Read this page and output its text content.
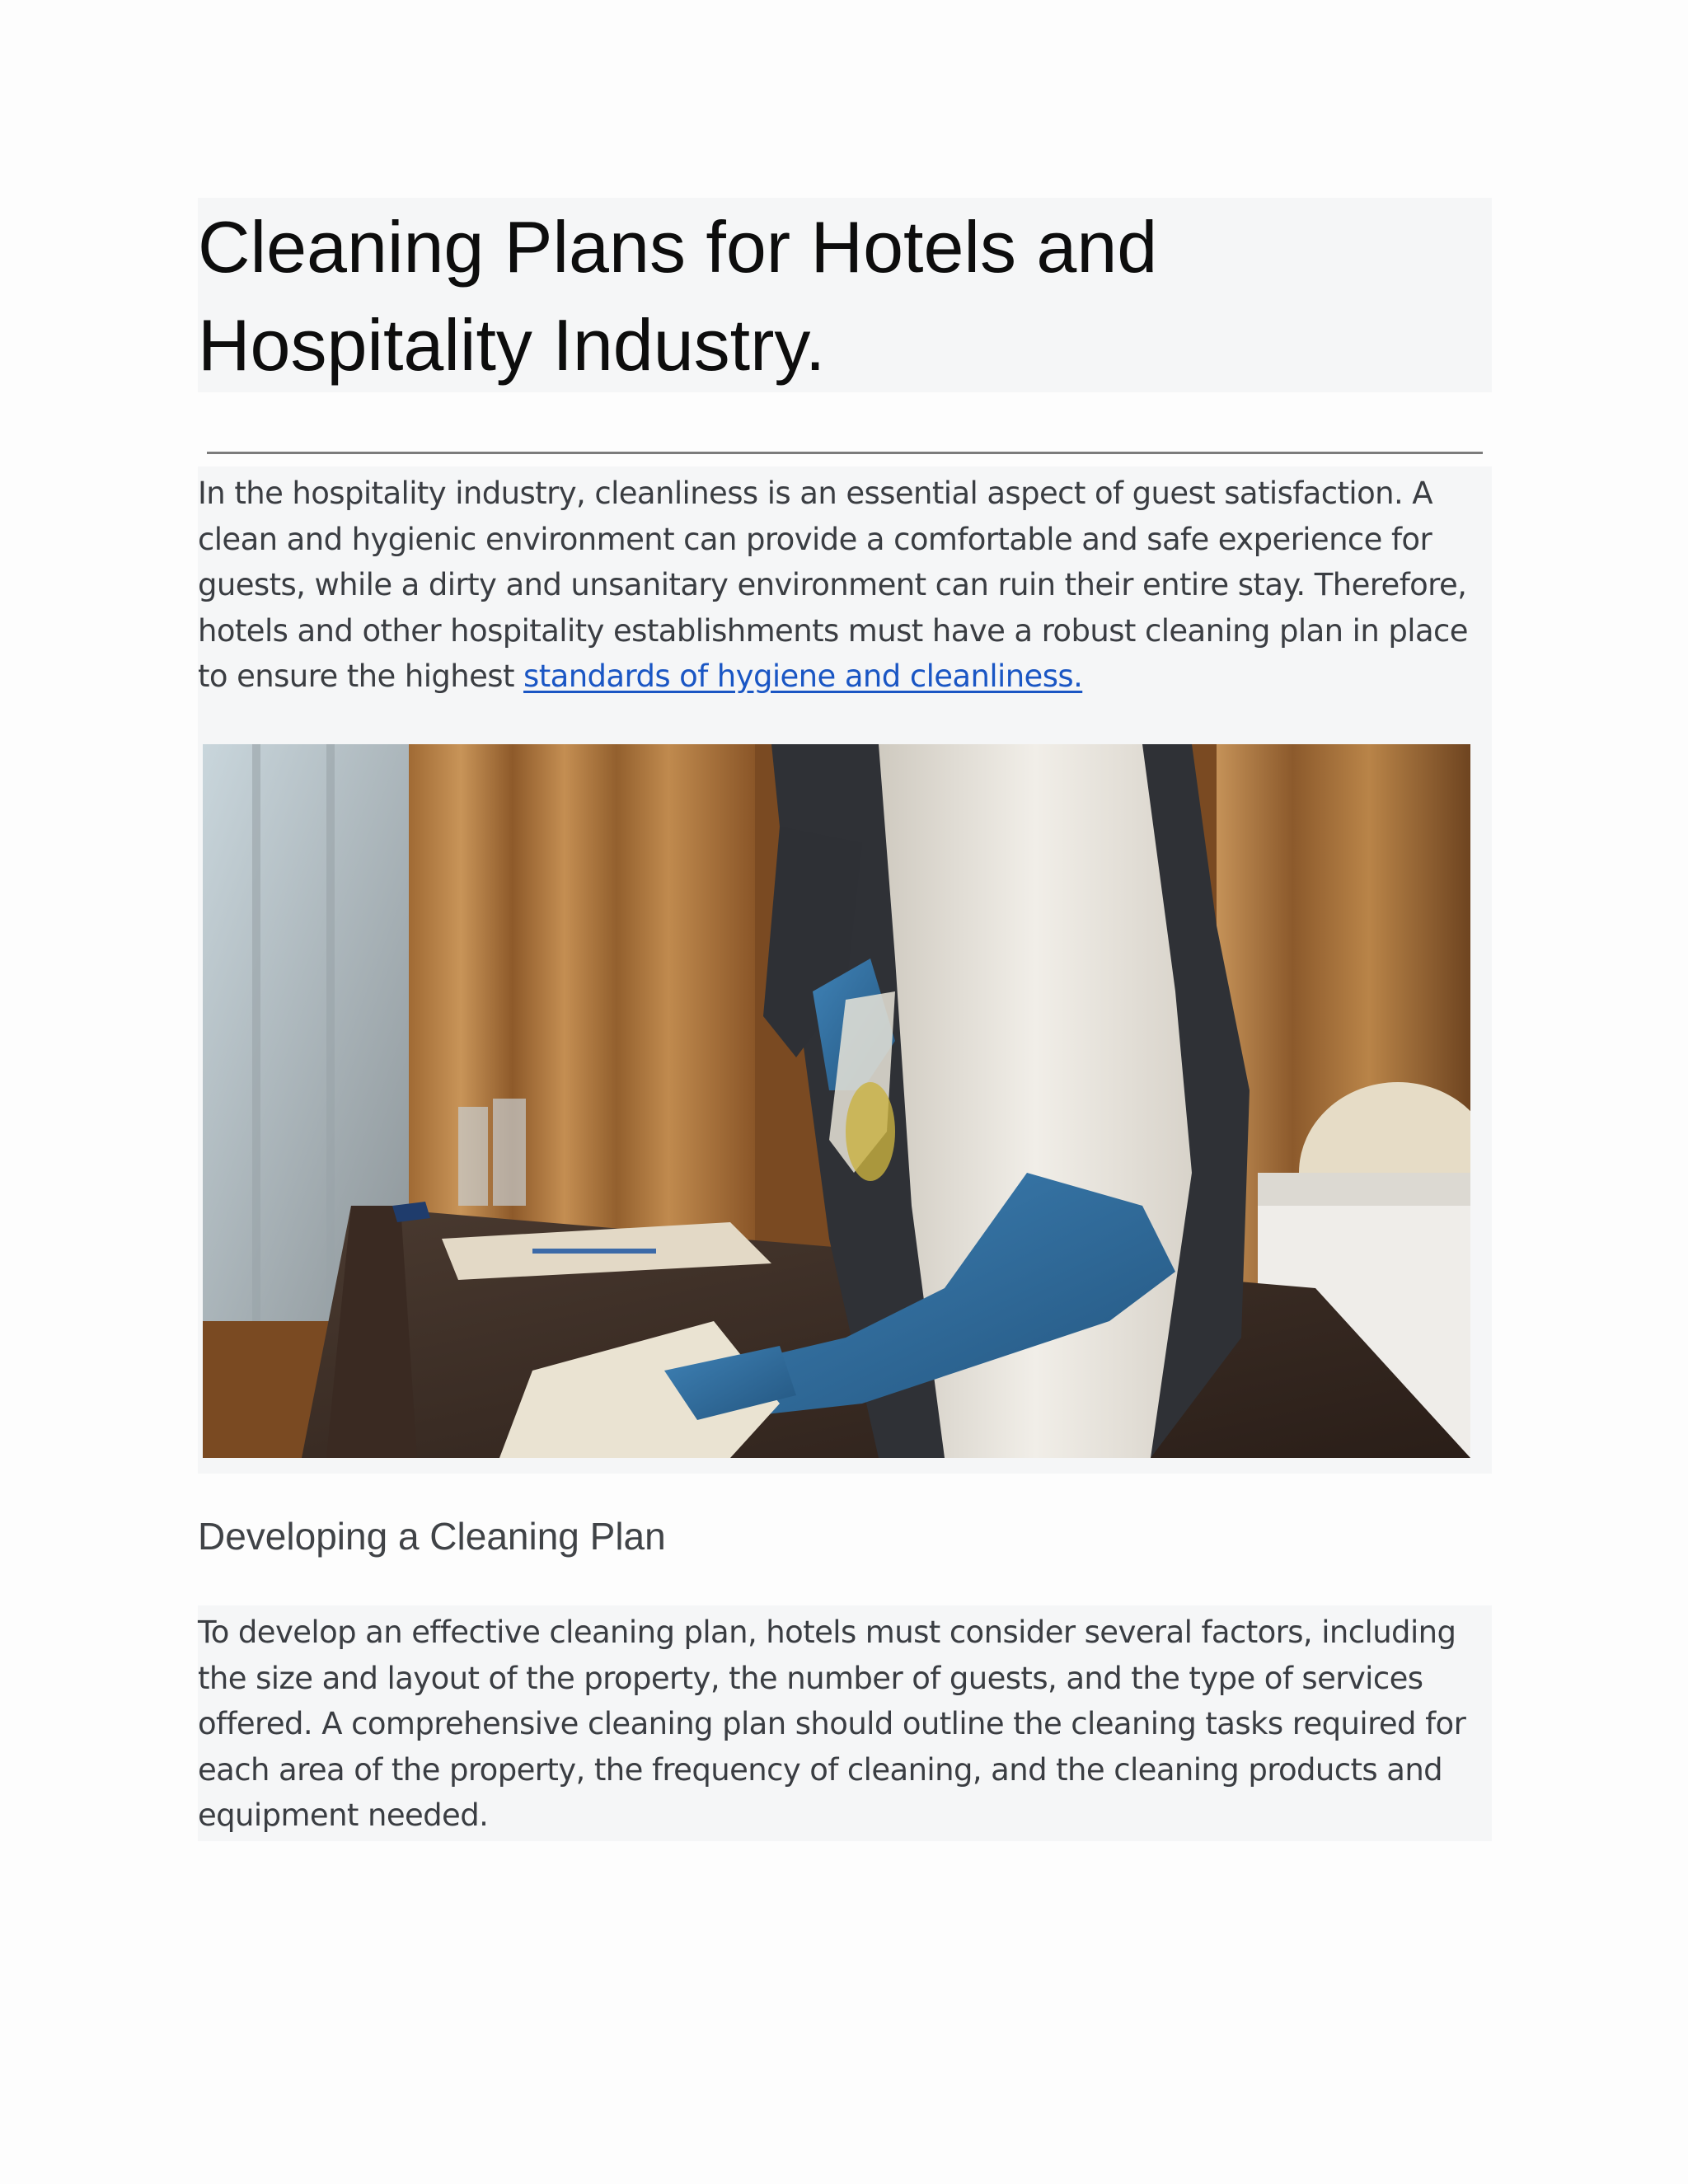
Cleaning Plans for Hotels and
Hospitality Industry.

In the hospitality industry, cleanliness is an essential aspect of guest satisfaction. A clean and hygienic environment can provide a comfortable and safe experience for guests, while a dirty and unsanitary environment can ruin their entire stay. Therefore, hotels and other hospitality establishments must have a robust cleaning plan in place to ensure the highest standards of hygiene and cleanliness.

Developing a Cleaning Plan

To develop an effective cleaning plan, hotels must consider several factors, including the size and layout of the property, the number of guests, and the type of services offered. A comprehensive cleaning plan should outline the cleaning tasks required for each area of the property, the frequency of cleaning, and the cleaning products and equipment needed.
